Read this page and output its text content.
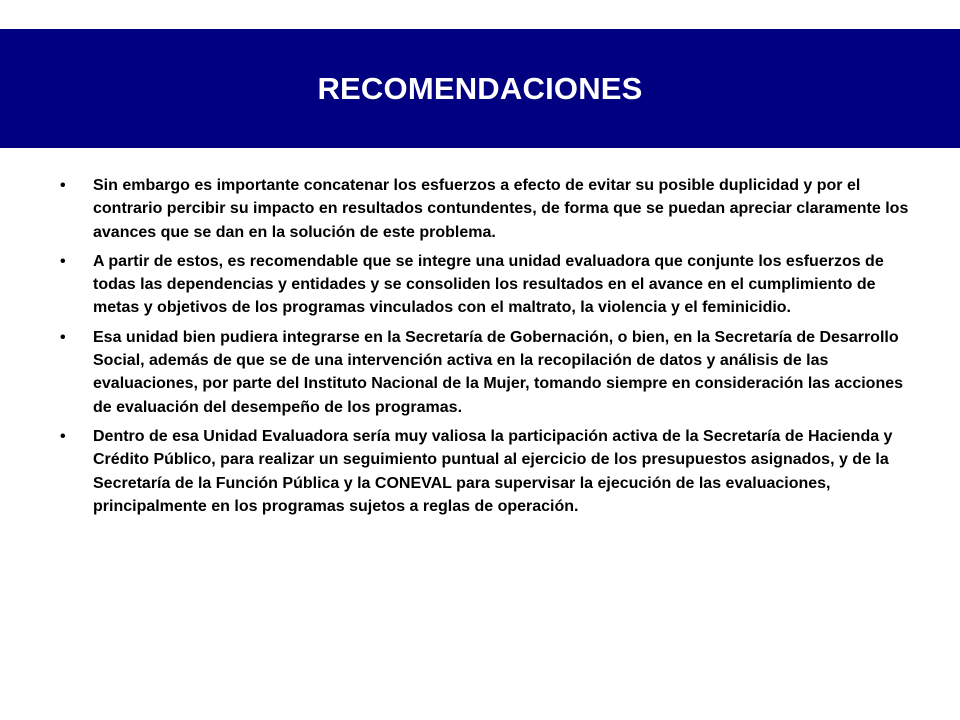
RECOMENDACIONES
•	Sin embargo es importante concatenar los esfuerzos a efecto de evitar su posible duplicidad y por el contrario percibir su impacto en resultados contundentes, de forma que se puedan apreciar claramente los avances que se dan en la solución de este problema.
•	A partir de estos, es recomendable que se integre una unidad evaluadora que conjunte los esfuerzos de todas las dependencias y entidades y se consoliden los resultados en el avance en el cumplimiento de metas y objetivos de los programas vinculados con el maltrato, la violencia y el feminicidio.
•	Esa unidad bien pudiera integrarse en la Secretaría de Gobernación, o bien, en la Secretaría de Desarrollo Social, además de que se de una intervención activa en la recopilación de datos y análisis de las evaluaciones, por parte del Instituto Nacional de la Mujer, tomando siempre en consideración las acciones de evaluación del desempeño de los programas.
•	Dentro de esa Unidad Evaluadora sería muy valiosa la participación activa de la Secretaría de Hacienda y Crédito Público, para realizar un seguimiento puntual al ejercicio de los presupuestos asignados, y de la Secretaría de la Función Pública y la CONEVAL para supervisar la ejecución de las evaluaciones, principalmente en los programas sujetos a reglas de operación.
